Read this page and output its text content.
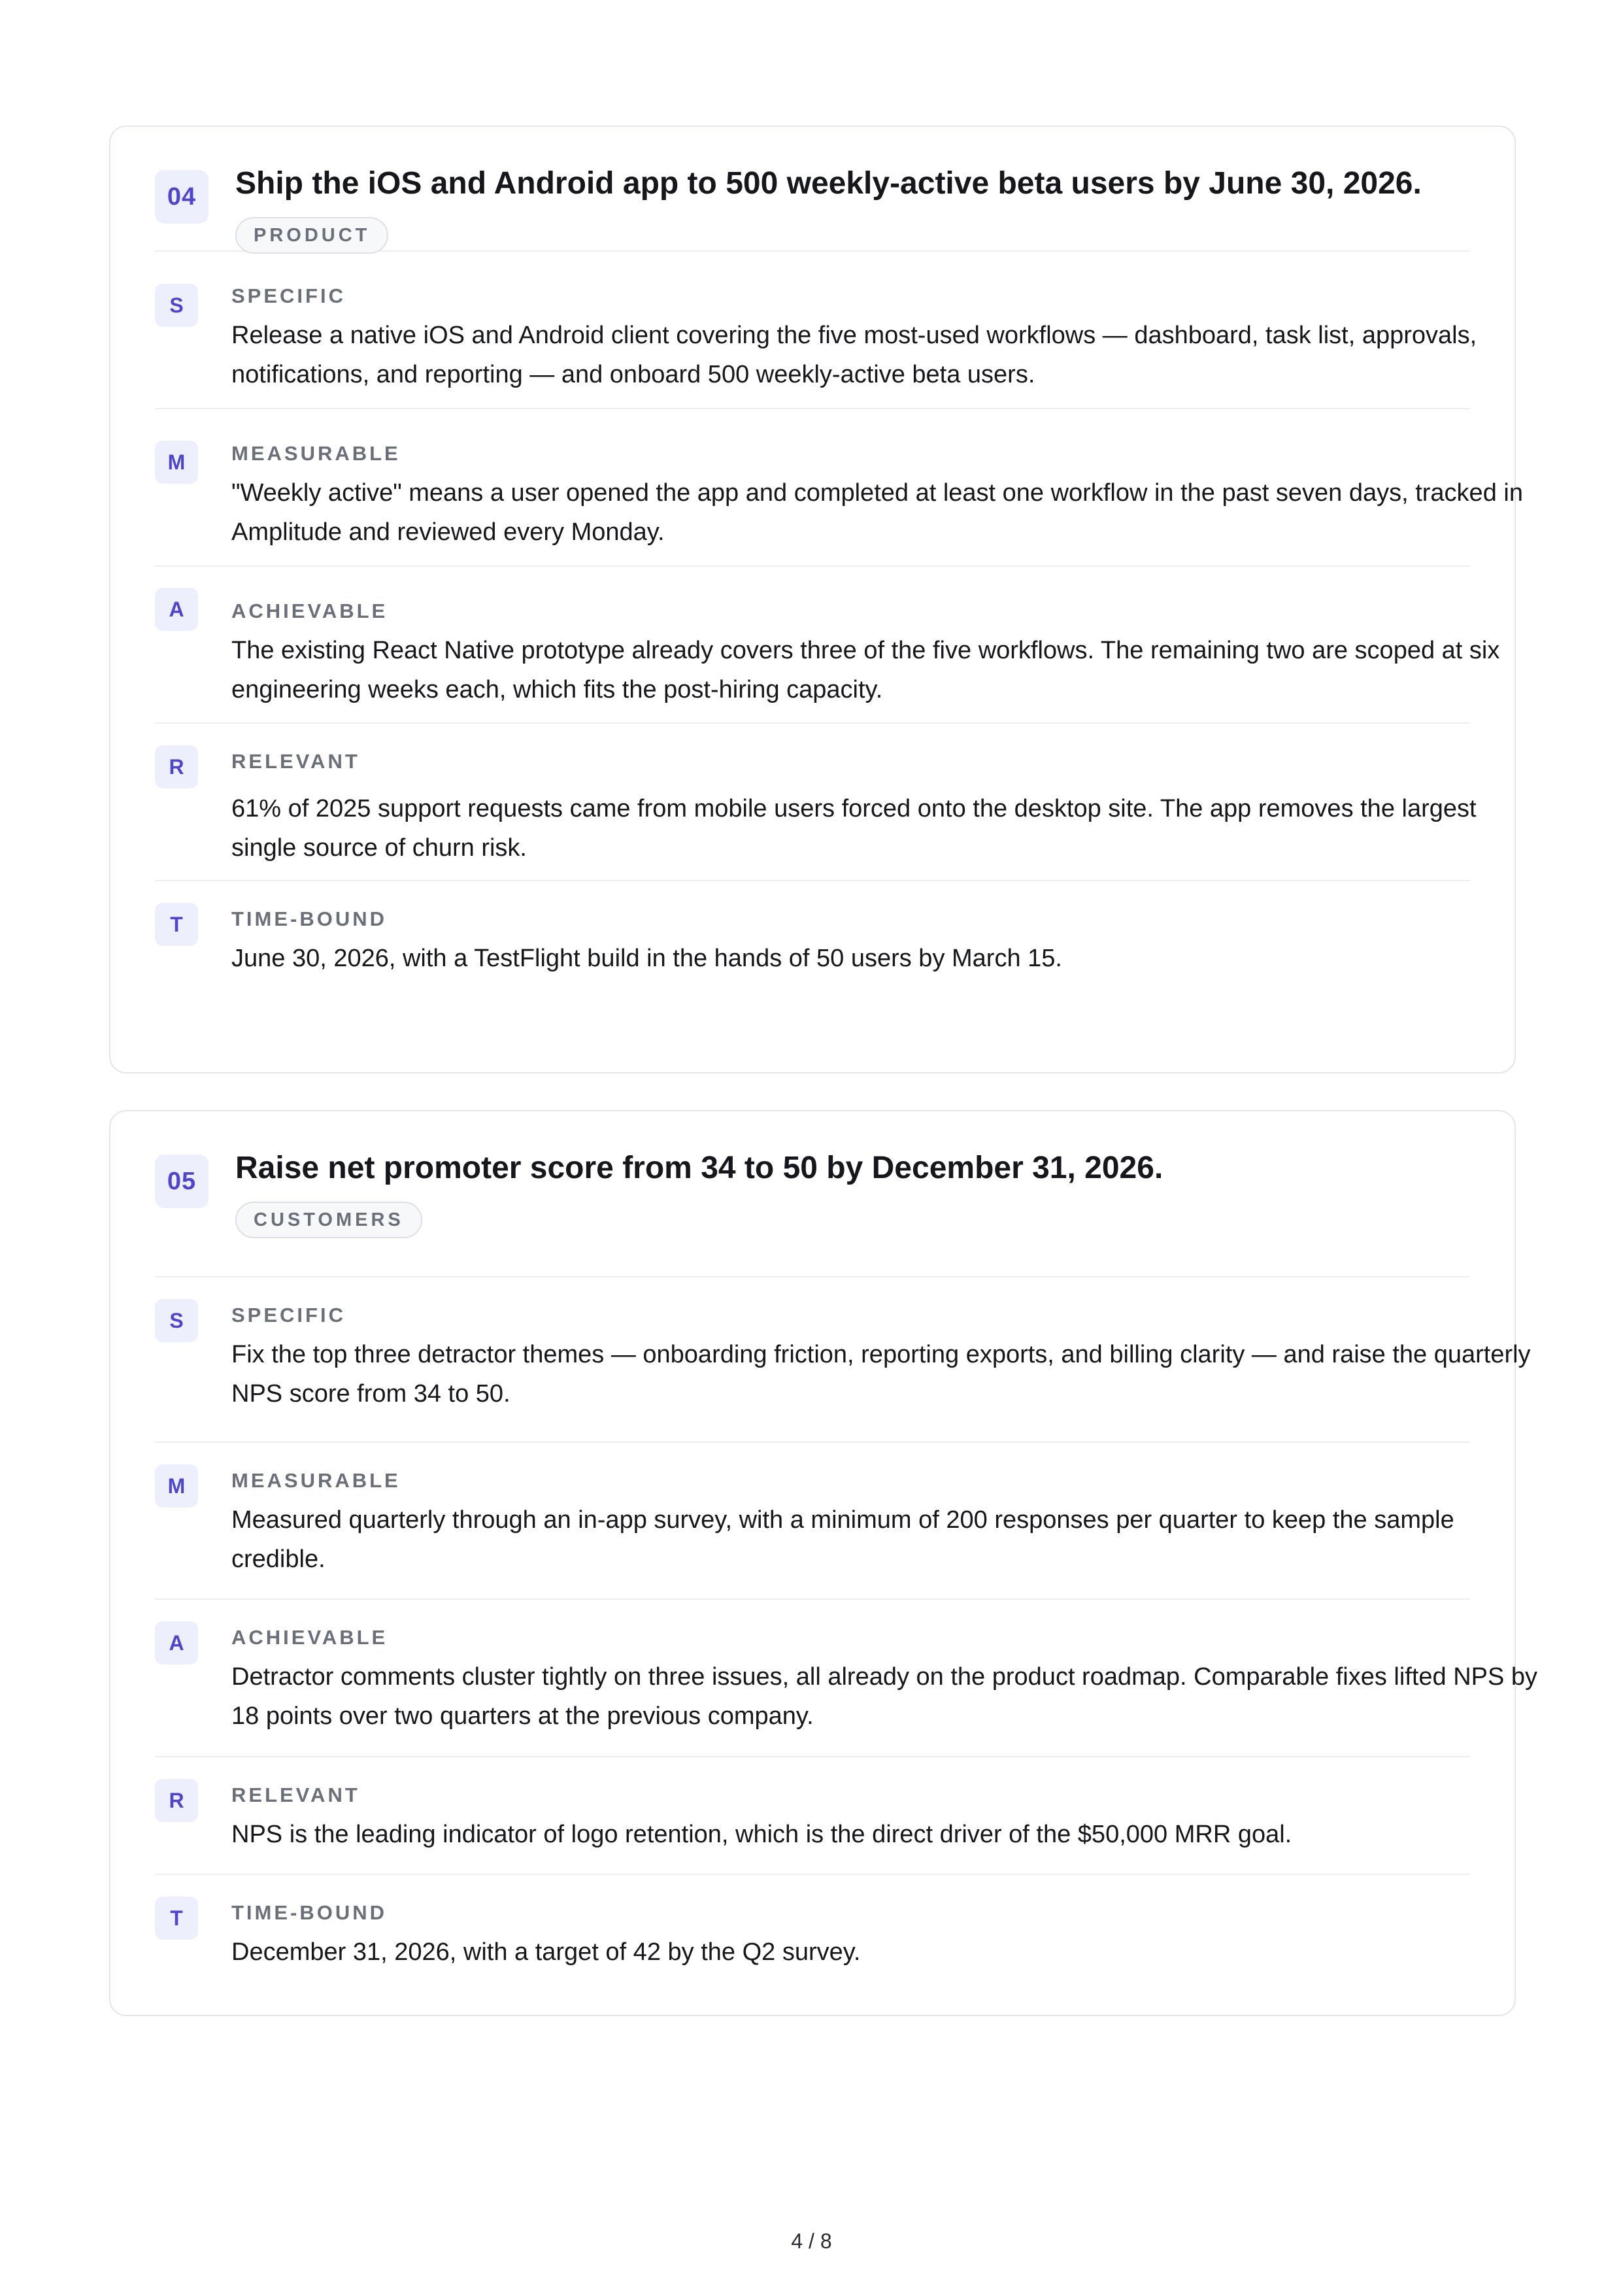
04	Ship the iOS and Android app to 500 weekly-active beta users by June 30, 2026.
PRODUCT
S	SPECIFIC
Release a native iOS and Android client covering the five most-used workflows — dashboard, task list, approvals, notifications, and reporting — and onboard 500 weekly-active beta users.
M	MEASURABLE
"Weekly active" means a user opened the app and completed at least one workflow in the past seven days, tracked in Amplitude and reviewed every Monday.
A	ACHIEVABLE
The existing React Native prototype already covers three of the five workflows. The remaining two are scoped at six engineering weeks each, which fits the post-hiring capacity.
R	RELEVANT
61% of 2025 support requests came from mobile users forced onto the desktop site. The app removes the largest single source of churn risk.
T	TIME-BOUND
June 30, 2026, with a TestFlight build in the hands of 50 users by March 15.
05	Raise net promoter score from 34 to 50 by December 31, 2026.
CUSTOMERS
S	SPECIFIC
Fix the top three detractor themes — onboarding friction, reporting exports, and billing clarity — and raise the quarterly NPS score from 34 to 50.
M	MEASURABLE
Measured quarterly through an in-app survey, with a minimum of 200 responses per quarter to keep the sample credible.
A	ACHIEVABLE
Detractor comments cluster tightly on three issues, all already on the product roadmap. Comparable fixes lifted NPS by 18 points over two quarters at the previous company.
R	RELEVANT
NPS is the leading indicator of logo retention, which is the direct driver of the $50,000 MRR goal.
T	TIME-BOUND
December 31, 2026, with a target of 42 by the Q2 survey.
4 / 8
